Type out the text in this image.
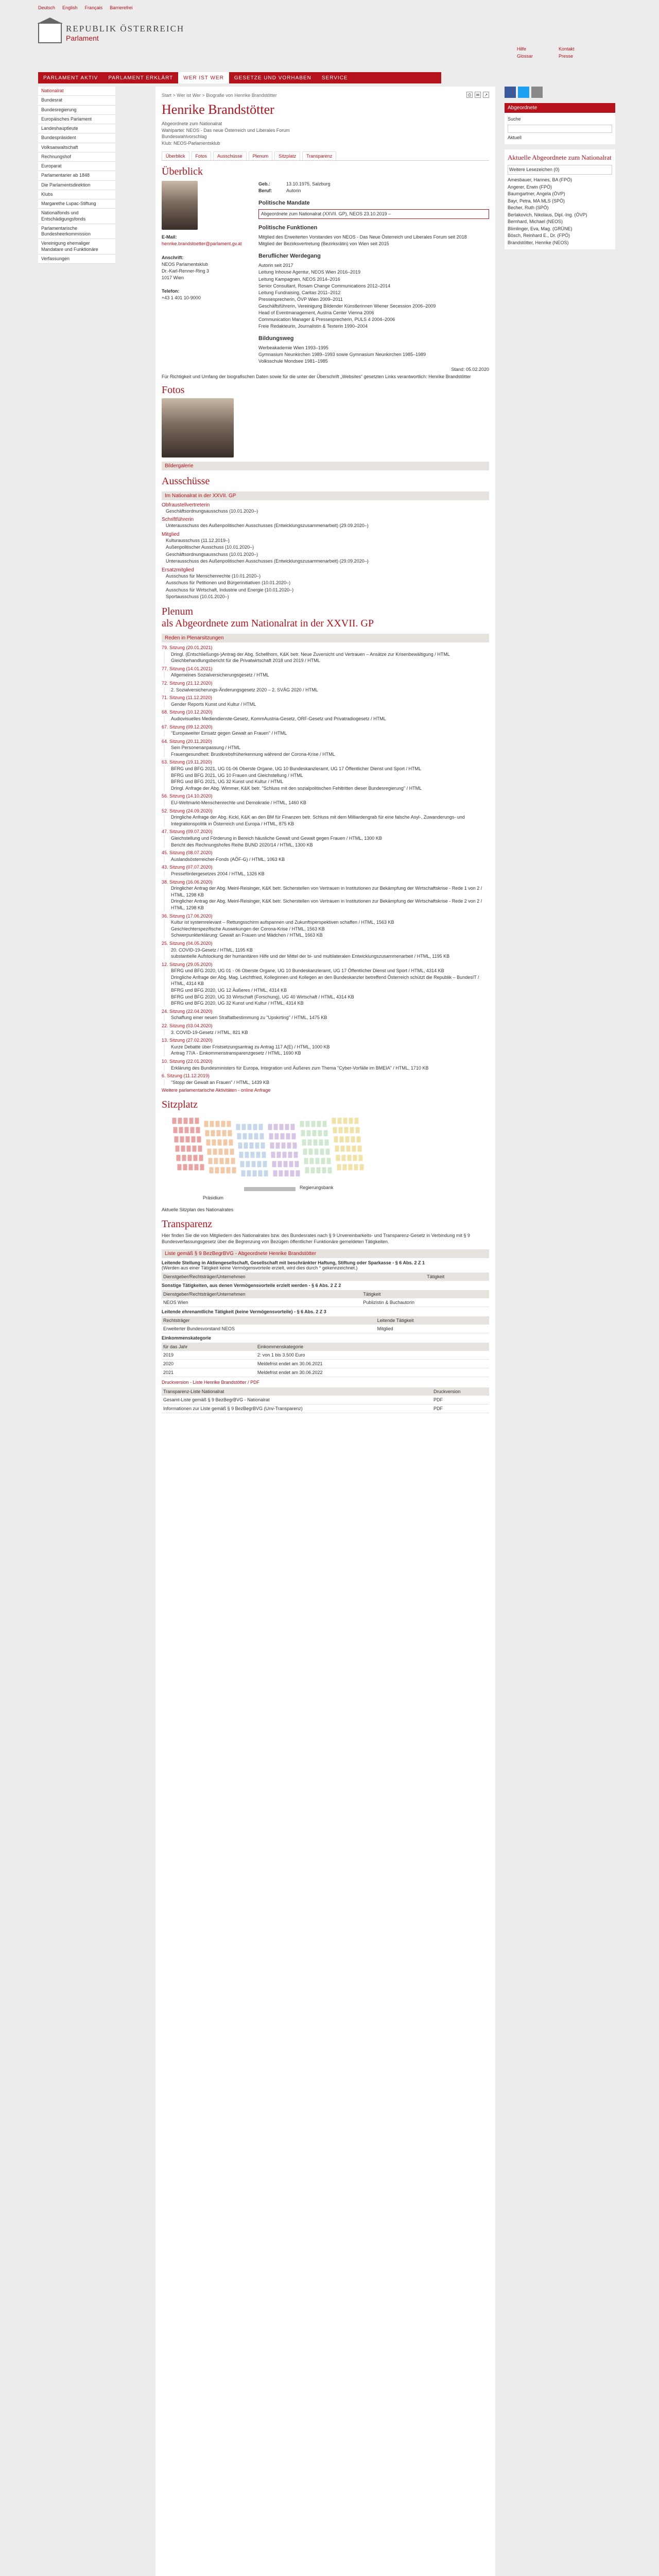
Deutsch English Français Barrierefrei
REPUBLIK ÖSTERREICH
Parlament
Hilfe	Kontakt
Glossar	Presse
PARLAMENT AKTIV	PARLAMENT ERKLÄRT	WER IST WER	GESETZE UND VORHABEN	SERVICE
Nationalrat
Bundesrat
Bundesregierung
Europäisches Parlament
Landeshauptleute
Bundespräsident
Volksanwaltschaft
Rechnungshof
Europarat
Parlamentarier ab 1848
Die Parlamentsdirektion
Klubs
Margarethe Lupac-Stiftung
Nationalfonds und Entschädigungsfonds
Parlamentarische Bundesheerkommission
Vereinigung ehemaliger Mandatare und Funktionäre
Verfassungen
Start > Wer ist Wer > Biografie von Henrike Brandstötter	⎙	✉	↗
Henrike Brandstötter
Abgeordnete zum Nationalrat
Wahlpartei: NEOS - Das neue Österreich und Liberales Forum
Bundeswahlvorschlag
Klub: NEOS-Parlamentsklub
Überblick	Fotos	Ausschüsse	Plenum	Sitzplatz	Transparenz
Überblick
E-Mail:
henrike.brandstoetter@parlament.gv.at

Anschrift:
NEOS Parlamentsklub
Dr.-Karl-Renner-Ring 3
1017 Wien

Telefon:
+43 1 401 10-9000
Geb.:	13.10.1975, Salzburg
Beruf:	Autorin
Politische Mandate
Abgeordnete zum Nationalrat (XXVII. GP), NEOS 23.10.2019 –
Politische Funktionen
Mitglied des Erweiterten Vorstandes von NEOS - Das Neue Österreich und Liberales Forum seit 2018
Mitglied der Bezirksvertretung (Bezirksrätin) von Wien seit 2015
Beruflicher Werdegang
Autorin seit 2017
Leitung Inhouse Agentur, NEOS Wien 2016–2019
Leitung Kampagnen, NEOS 2014–2016
Senior Consultant, Rosam Change Communications 2012–2014
Leitung Fundraising, Caritas 2011–2012
Pressesprecherin, ÖVP Wien 2009–2011
Geschäftsführerin, Vereinigung Bildender Künstlerinnen Wiener Secession 2006–2009
Head of Eventmanagement, Austria Center Vienna 2006
Communication Manager & Pressesprecherin, PULS 4 2004–2006
Freie Redakteurin, Journalistin & Texterin 1990–2004
Bildungsweg
Werbeakademie Wien 1993–1995
Gymnasium Neunkirchen 1989–1993 sowie Gymnasium Neunkirchen 1985–1989
Volksschule Mondsee 1981–1985
Stand: 05.02.2020
Für Richtigkeit und Umfang der biografischen Daten sowie für die unter der Überschrift „Websites“ gesetzten Links verantwortlich: Henrike Brandstötter
Fotos
Bildergalerie
Ausschüsse
Im Nationalrat in der XXVII. GP
Obfraustellvertreterin
Geschäftsordnungsausschuss (10.01.2020–)
Schriftführerin
Unterausschuss des Außenpolitischen Ausschusses (Entwicklungszusammenarbeit) (29.09.2020–)
Mitglied
Kulturausschuss (11.12.2019–)
Außenpolitischer Ausschuss (10.01.2020–)
Geschäftsordnungsausschuss (10.01.2020–)
Unterausschuss des Außenpolitischen Ausschusses (Entwicklungszusammenarbeit) (29.09.2020–)
Ersatzmitglied
Ausschuss für Menschenrechte (10.01.2020–)
Ausschuss für Petitionen und Bürgerinitiativen (10.01.2020–)
Ausschuss für Wirtschaft, Industrie und Energie (10.01.2020–)
Sportausschuss (10.01.2020–)
Plenum
als Abgeordnete zum Nationalrat in der XXVII. GP
Reden in Plenarsitzungen
79. Sitzung (20.01.2021)
Dringl. (Entschließungs-)Antrag der Abg. Schellhorn, K&K betr. Neue Zuversicht und Vertrauen – Ansätze zur Krisenbewältigung / HTML
Gleichbehandlungsbericht für die Privatwirtschaft 2018 und 2019 / HTML
77. Sitzung (14.01.2021)
Allgemeines Sozialversicherungsgesetz / HTML
72. Sitzung (21.12.2020)
2. Sozialversicherungs-Änderungsgesetz 2020 – 2. SVÄG 2020 / HTML
71. Sitzung (11.12.2020)
Gender Reports Kunst und Kultur / HTML
68. Sitzung (10.12.2020)
Audiovisuelles Mediendienste-Gesetz, KommAustria-Gesetz, ORF-Gesetz und Privatradiogesetz / HTML
67. Sitzung (09.12.2020)
"Europaweiter Einsatz gegen Gewalt an Frauen" / HTML
64. Sitzung (20.11.2020)
Sein Personenanpassung / HTML
Frauengesundheit: Brustkrebsfrüherkennung während der Corona-Krise / HTML
63. Sitzung (19.11.2020)
BFRG und BFG 2021, UG 01-06 Oberste Organe, UG 10 Bundeskanzleramt, UG 17 Öffentlicher Dienst und Sport / HTML
BFRG und BFG 2021, UG 10 Frauen und Gleichstellung / HTML
BFRG und BFG 2021, UG 32 Kunst und Kultur / HTML
Dringl. Anfrage der Abg. Wimmer, K&K betr. "Schluss mit den sozialpolitischen Fehltritten dieser Bundesregierung" / HTML
56. Sitzung (14.10.2020)
EU-Weltmarkt-Menschenrechte und Demokratie / HTML, 1460 KB
52. Sitzung (24.09.2020)
Dringliche Anfrage der Abg. Kickl, K&K an den BM für Finanzen betr. Schluss mit dem Milliardengrab für eine falsche Asyl-, Zuwanderungs- und Integrationspolitik in Österreich und Europa / HTML, 875 KB
47. Sitzung (09.07.2020)
Gleichstellung und Förderung in Bereich häusliche Gewalt und Gewalt gegen Frauen / HTML, 1300 KB
Bericht des Rechnungshofes Reihe BUND 2020/14 / HTML, 1300 KB
45. Sitzung (08.07.2020)
Auslandsösterreicher-Fonds (AÖF-G) / HTML, 1063 KB
43. Sitzung (07.07.2020)
Pressefördergesetzes 2004 / HTML, 1326 KB
38. Sitzung (16.06.2020)
Dringlicher Antrag der Abg. Meinl-Reisinger, K&K betr. Sicherstellen von Vertrauen in Institutionen zur Bekämpfung der Wirtschaftskrise - Rede 1 von 2 / HTML, 1298 KB
Dringlicher Antrag der Abg. Meinl-Reisinger, K&K betr. Sicherstellen von Vertrauen in Institutionen zur Bekämpfung der Wirtschaftskrise - Rede 2 von 2 / HTML, 1298 KB
36. Sitzung (17.06.2020)
Kultur ist systemrelevant – Rettungsschirm aufspannen und Zukunftsperspektiven schaffen / HTML, 1563 KB
Geschlechterspezifische Auswirkungen der Corona-Krise / HTML, 1563 KB
Schwerpunkterklärung: Gewalt an Frauen und Mädchen / HTML, 1663 KB
25. Sitzung (04.05.2020)
20. COVID-19-Gesetz / HTML, 1195 KB
substantielle Aufstockung der humanitären Hilfe und der Mittel der bi- und multilateralen Entwicklungszusammenarbeit / HTML, 1195 KB
12. Sitzung (29.05.2020)
BFRG und BFG 2020, UG 01 - 06 Oberste Organe, UG 10 Bundeskanzleramt, UG 17 Öffentlicher Dienst und Sport / HTML, 4314 KB
Dringliche Anfrage der Abg. Mag. Leichtfried, Kolleginnen und Kollegen an den Bundeskanzler betreffend Österreich schützt die Republik – BundesIT / HTML, 4314 KB
BFRG und BFG 2020, UG 12 Äußeres / HTML, 4314 KB
BFRG und BFG 2020, UG 33 Wirtschaft (Forschung), UG 40 Wirtschaft / HTML, 4314 KB
BFRG und BFG 2020, UG 32 Kunst und Kultur / HTML, 4314 KB
24. Sitzung (22.04.2020)
Schaffung einer neuen Straftatbestimmung zu "Upskirting" / HTML, 1475 KB
22. Sitzung (03.04.2020)
3. COVID-19-Gesetz / HTML, 821 KB
13. Sitzung (27.02.2020)
Kurze Debatte über Fristsetzungsantrag zu Antrag 117 A(E) / HTML, 1000 KB
Antrag 77/A - Einkommenstransparenzgesetz / HTML, 1690 KB
10. Sitzung (22.01.2020)
Erklärung des Bundesministers für Europa, Integration und Äußeres zum Thema "Cyber-Vorfälle im BMEIA" / HTML, 1710 KB
6. Sitzung (11.12.2019)
"Stopp der Gewalt an Frauen" / HTML, 1439 KB
Weitere parlamentarische Aktivitäten - online Anfrage
Sitzplatz
Regierungsbank
Präsidium
Aktuelle Sitzplan des Nationalrates
Transparenz
Hier finden Sie die von Mitgliedern des Nationalrates bzw. des Bundesrates nach § 9 Unvereinbarkeits- und Transparenz-Gesetz in Verbindung mit § 9 Bundesverfassungsgesetz über die Begrenzung von Bezügen öffentlicher Funktionäre gemeldeten Tätigkeiten.
Liste gemäß § 9 BezBegrBVG - Abgeordnete Henrike Brandstötter
Leitende Stellung in Aktiengesellschaft, Gesellschaft mit beschränkter Haftung, Stiftung oder Sparkasse - § 6 Abs. 2 Z 1
(Werden aus einer Tätigkeit keine Vermögensvorteile erzielt, wird dies durch * gekennzeichnet.)
Dienstgeber/Rechtsträger/Unternehmen	Tätigkeit
Sonstige Tätigkeiten, aus denen Vermögensvorteile erzielt werden - § 6 Abs. 2 Z 2
Dienstgeber/Rechtsträger/Unternehmen	Tätigkeit
NEOS Wien	Publizistin & Buchautorin
Leitende ehrenamtliche Tätigkeit (keine Vermögensvorteile) - § 6 Abs. 2 Z 3
Rechtsträger	Leitende Tätigkeit
Erweiterter Bundesvorstand NEOS	Mitglied
Einkommenskategorie
für das Jahr	Einkommenskategorie
2019	2: von 1 bis 3.500 Euro
2020	Meldefrist endet am 30.06.2021
2021	Meldefrist endet am 30.06.2022
Druckversion - Liste Henrike Brandstötter / PDF
Transparenz-Liste Nationalrat	Druckversion
Gesamt-Liste gemäß § 9 BezBegrBVG - Nationalrat	PDF
Informationen zur Liste gemäß § 9 BezBegrBVG (Unv-Transparenz)	PDF
Abgeordnete
Suche
Aktuell
Aktuelle Abgeordnete zum Nationalrat
Weitere Lesezeichen (0)
Amesbauer, Hannes, BA (FPÖ)
Angerer, Erwin (FPÖ)
Baumgartner, Angela (ÖVP)
Bayr, Petra, MA MLS (SPÖ)
Becher, Ruth (SPÖ)
Berlakovich, Nikolaus, Dipl.-Ing. (ÖVP)
Bernhard, Michael (NEOS)
Blimlinger, Eva, Mag. (GRÜNE)
Bösch, Reinhard E., Dr. (FPÖ)
Brandstötter, Henrike (NEOS)
